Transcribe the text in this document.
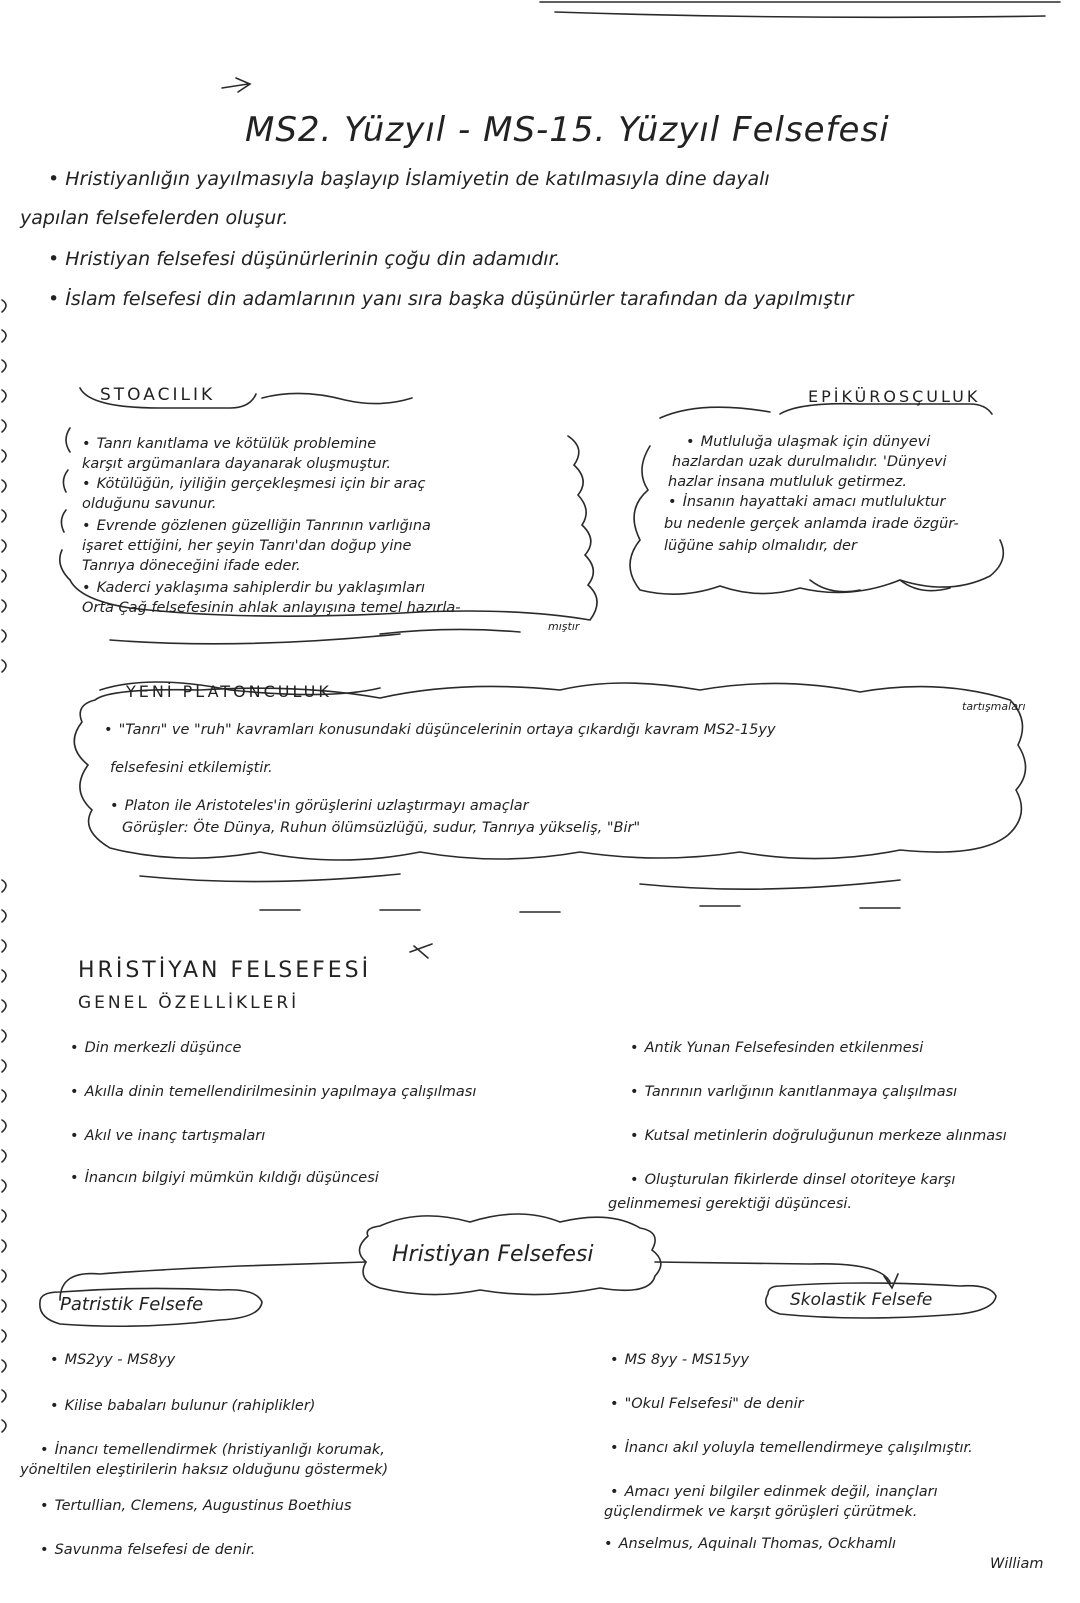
MS2. Yüzyıl - MS-15. Yüzyıl Felsefesi
• Hristiyanlığın yayılmasıyla başlayıp İslamiyetin de katılmasıyla dine dayalı
yapılan felsefelerden oluşur.
• Hristiyan felsefesi düşünürlerinin çoğu din adamıdır.
• İslam felsefesi din adamlarının yanı sıra başka düşünürler tarafından da yapılmıştır
STOACILIK
• Tanrı kanıtlama ve kötülük problemine
karşıt argümanlara dayanarak oluşmuştur.
• Kötülüğün, iyiliğin gerçekleşmesi için bir araç
olduğunu savunur.
• Evrende gözlenen güzelliğin Tanrının varlığına
işaret ettiğini, her şeyin Tanrı'dan doğup yine
Tanrıya döneceğini ifade eder.
• Kaderci yaklaşıma sahiplerdir bu yaklaşımları
Orta Çağ felsefesinin ahlak anlayışına temel hazırla-
mıştır
EPİKÜROSÇULUK
• Mutluluğa ulaşmak için dünyevi
hazlardan uzak durulmalıdır. 'Dünyevi
hazlar insana mutluluk getirmez.
• İnsanın hayattaki amacı mutluluktur
bu nedenle gerçek anlamda irade özgür-
lüğüne sahip olmalıdır, der
YENİ PLATONCULUK
tartışmaları
• "Tanrı" ve "ruh" kavramları konusundaki düşüncelerinin ortaya çıkardığı kavram MS2-15yy
felsefesini etkilemiştir.
• Platon ile Aristoteles'in görüşlerini uzlaştırmayı amaçlar
Görüşler: Öte Dünya, Ruhun ölümsüzlüğü, sudur, Tanrıya yükseliş, "Bir"
HRİSTİYAN FELSEFESİ
GENEL ÖZELLİKLERİ
• Din merkezli düşünce
• Akılla dinin temellendirilmesinin yapılmaya çalışılması
• Akıl ve inanç tartışmaları
• İnancın bilgiyi mümkün kıldığı düşüncesi
• Antik Yunan Felsefesinden etkilenmesi
• Tanrının varlığının kanıtlanmaya çalışılması
• Kutsal metinlerin doğruluğunun merkeze alınması
• Oluşturulan fikirlerde dinsel otoriteye karşı
gelinmemesi gerektiği düşüncesi.
Hristiyan Felsefesi
Patristik Felsefe
• MS2yy - MS8yy
• Kilise babaları bulunur (rahiplikler)
• İnancı temellendirmek (hristiyanlığı korumak,
yöneltilen eleştirilerin haksız olduğunu göstermek)
• Tertullian, Clemens, Augustinus Boethius
• Savunma felsefesi de denir.
Skolastik Felsefe
• MS 8yy - MS15yy
• "Okul Felsefesi" de denir
• İnancı akıl yoluyla temellendirmeye çalışılmıştır.
• Amacı yeni bilgiler edinmek değil, inançları
güçlendirmek ve karşıt görüşleri çürütmek.
• Anselmus, Aquinalı Thomas, Ockhamlı
William
